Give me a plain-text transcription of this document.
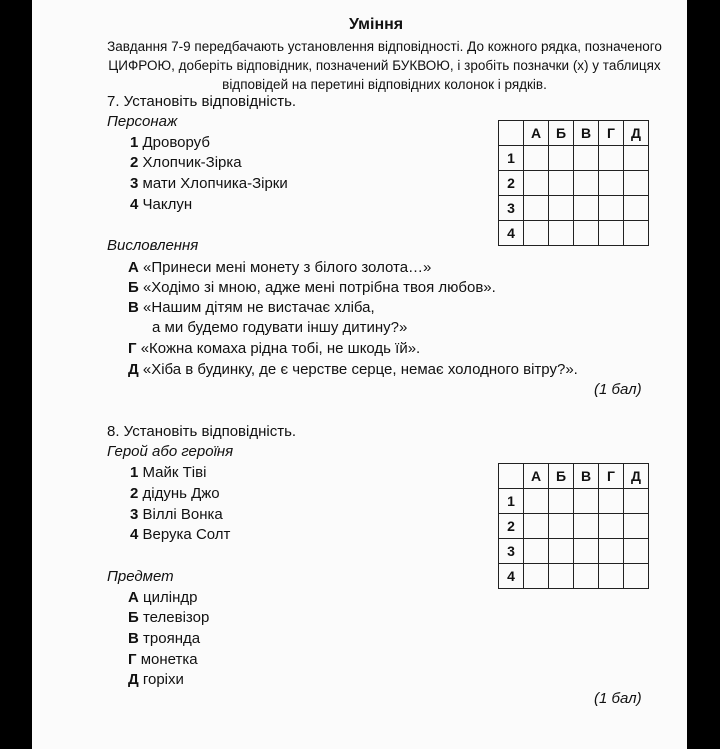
Уміння
Завдання 7-9 передбачають установлення відповідності. До кожного рядка, позначеного ЦИФРОЮ, доберіть відповідник, позначений БУКВОЮ, і зробіть позначки (х) у таблицях відповідей на перетині відповідних колонок і рядків.
7. Установіть відповідність.
Персонаж
1 Дроворуб
2 Хлопчик-Зірка
3 мати Хлопчика-Зірки
4 Чаклун
	А	Б	В	Г	Д
1					
2					
3					
4					
Висловлення
А «Принеси мені монету з білого золота…»
Б «Ходімо зі мною, адже мені потрібна твоя любов».
В «Нашим дітям не вистачає хліба,
а ми будемо годувати іншу дитину?»
Г «Кожна комаха рідна тобі, не шкодь їй».
Д «Хіба в будинку, де є черстве серце, немає холодного вітру?».
(1 бал)
8. Установіть відповідність.
Герой або героїня
1 Майк Тіві
2 дідунь Джо
3 Віллі Вонка
4 Верука Солт
	А	Б	В	Г	Д
1					
2					
3					
4					
Предмет
А циліндр
Б телевізор
В троянда
Г монетка
Д горіхи
(1 бал)
